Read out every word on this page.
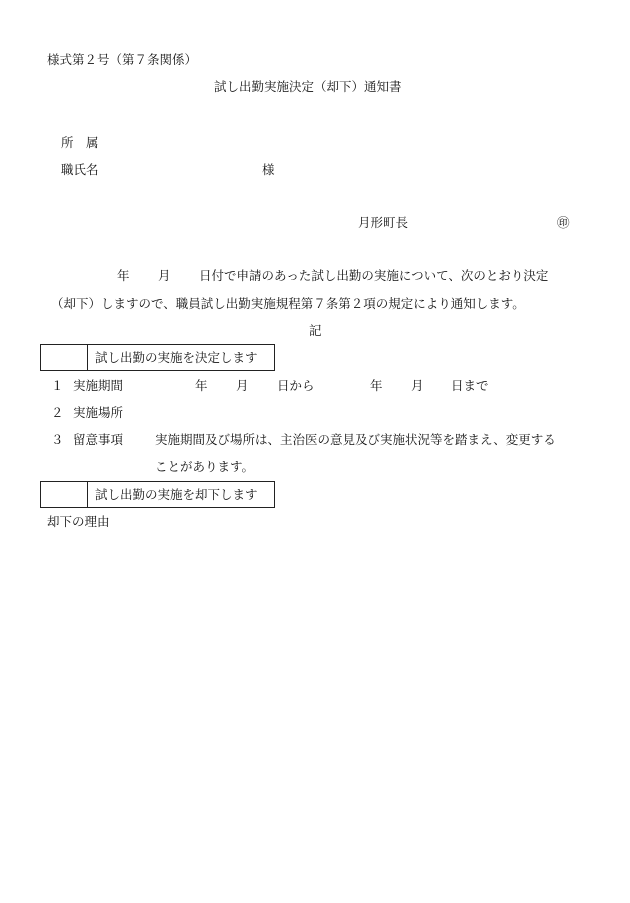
様式第２号（第７条関係）
試し出勤実施決定（却下）通知書
所　属
職氏名	様
月形町長	㊞
年 月 日付で申請のあった試し出勤の実施について、次のとおり決定
（却下）しますので、職員試し出勤実施規程第７条第２項の規定により通知します。
記
試し出勤の実施を決定します
１ 実施期間	年 月 日から	年 月 日まで
２ 実施場所
３ 留意事項	実施期間及び場所は、主治医の意見及び実施状況等を踏まえ、変更する
ことがあります。
試し出勤の実施を却下します
却下の理由
